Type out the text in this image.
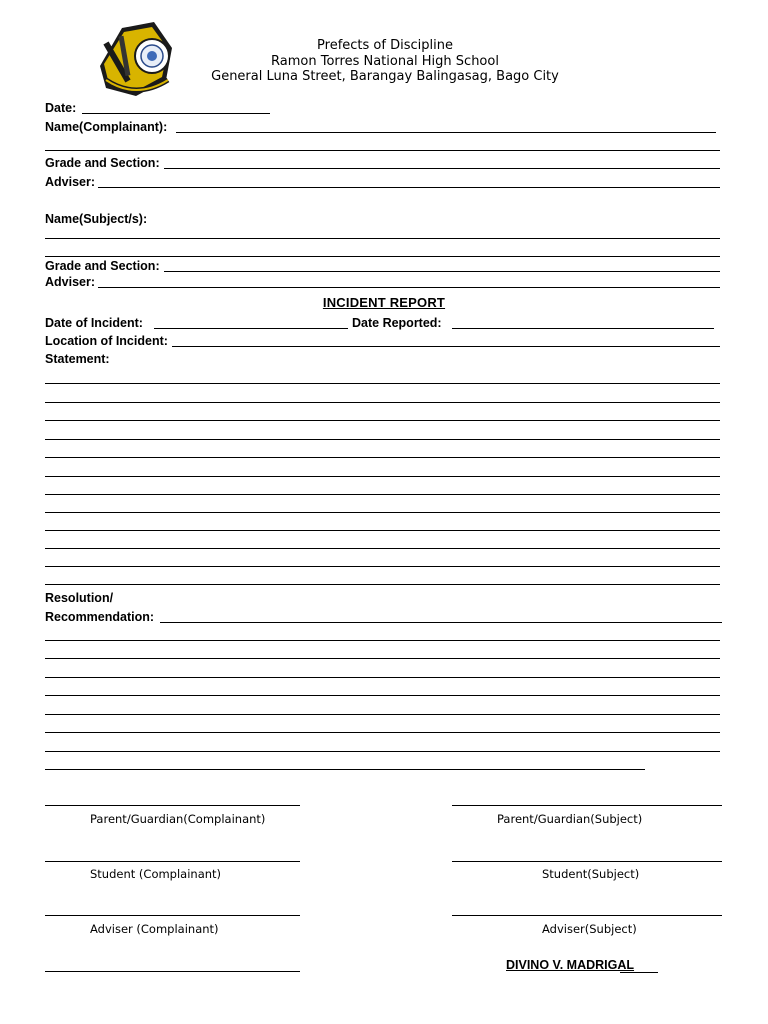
Prefects of Discipline
Ramon Torres National High School
General Luna Street, Barangay Balingasag, Bago City
Date:
Name(Complainant):
Grade and Section:
Adviser:
Name(Subject/s):
Grade and Section:
Adviser:
INCIDENT REPORT
Date of Incident:	Date Reported:
Location of Incident:
Statement:
Resolution/
Recommendation:
Parent/Guardian(Complainant)	Parent/Guardian(Subject)
Student (Complainant)	Student(Subject)
Adviser (Complainant)	Adviser(Subject)
DIVINO V. MADRIGAL
